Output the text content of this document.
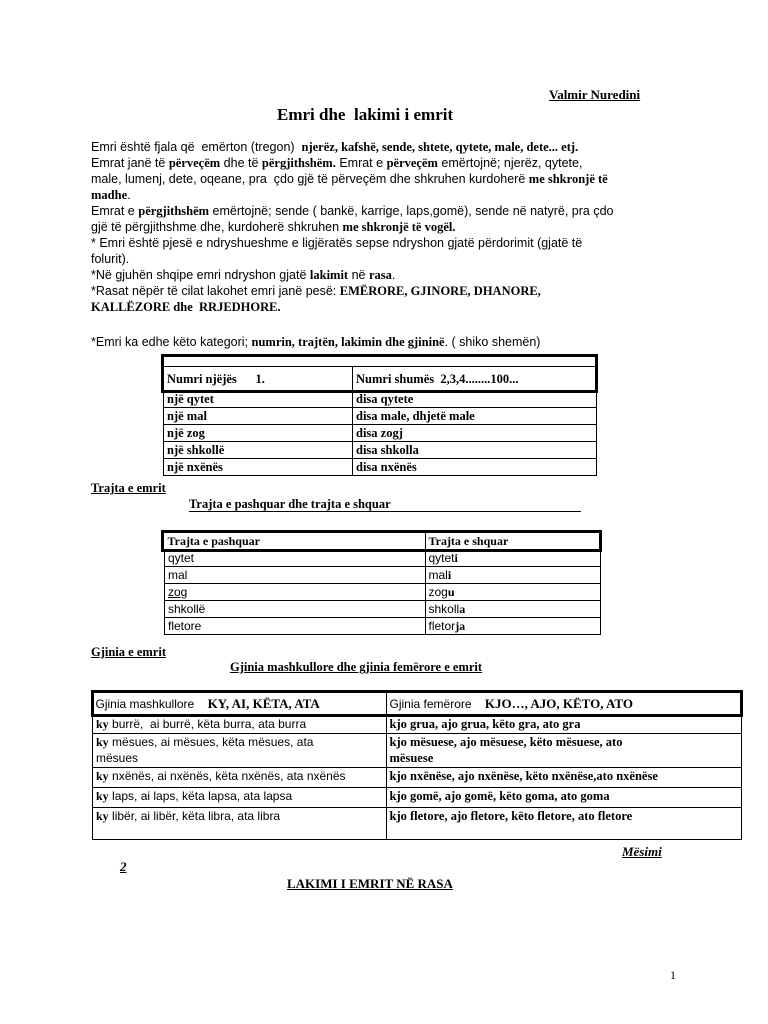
Valmir Nuredini
Emri dhe  lakimi i emrit

Emri është fjala që  emërton (tregon)  njerëz, kafshë, sende, shtete, qytete, male, dete... etj.

Emrat janë të përveçëm dhe të përgjithshëm. Emrat e përveçëm emërtojnë; njerëz, qytete,

male, lumenj, dete, oqeane, pra  çdo gjë të përveçëm dhe shkruhen kurdoherë me shkronjë të

madhe.

Emrat e përgjithshëm emërtojnë; sende ( bankë, karrige, laps,gomë), sende në natyrë, pra çdo

gjë të përgjithshme dhe, kurdoherë shkruhen me shkronjë të vogël.

* Emri është pjesë e ndryshueshme e ligjëratës sepse ndryshon gjatë përdorimit (gjatë të

folurit).

*Në gjuhën shqipe emri ndryshon gjatë lakimit në rasa.

*Rasat nëpër të cilat lakohet emri janë pesë: EMËRORE, GJINORE, DHANORE,

KALLËZORE dhe  RRJEDHORE.

*Emri ka edhe këto kategori; numrin, trajtën, lakimin dhe gjininë. ( shiko shemën)

Numri njëjës      1.	Numri shumës  2,3,4........100...
një qytet	disa qytete
një mal	disa male, dhjetë male
një zog	disa zogj
një shkollë	disa shkolla
një nxënës	disa nxënës
Trajta e emrit
Trajta e pashquar dhe trajta e shquar
Trajta e pashquar	Trajta e shquar
qytet	qyteti
mal	mali
zog	zogu
shkollë	shkolla
fletore	fletorja
Gjinia e emrit
Gjinia mashkullore dhe gjinia femërore e emrit
Gjinia mashkullore KY, AI, KËTA, ATA	Gjinia femërore KJO…, AJO, KËTO, ATO
ky burrë,  ai burrë, këta burra, ata burra	kjo grua, ajo grua, këto gra, ato gra
ky mësues, ai mësues, këta mësues, ata
mësues	kjo mësuese, ajo mësuese, këto mësuese, ato
mësuese
ky nxënës, ai nxënës, këta nxënës, ata nxënës	kjo nxënëse, ajo nxënëse, këto nxënëse,ato nxënëse
ky laps, ai laps, këta lapsa, ata lapsa	kjo gomë, ajo gomë, këto goma, ato goma
ky libër, ai libër, këta libra, ata libra	kjo fletore, ajo fletore, këto fletore, ato fletore
Mësimi
2
LAKIMI I EMRIT NË RASA
1
